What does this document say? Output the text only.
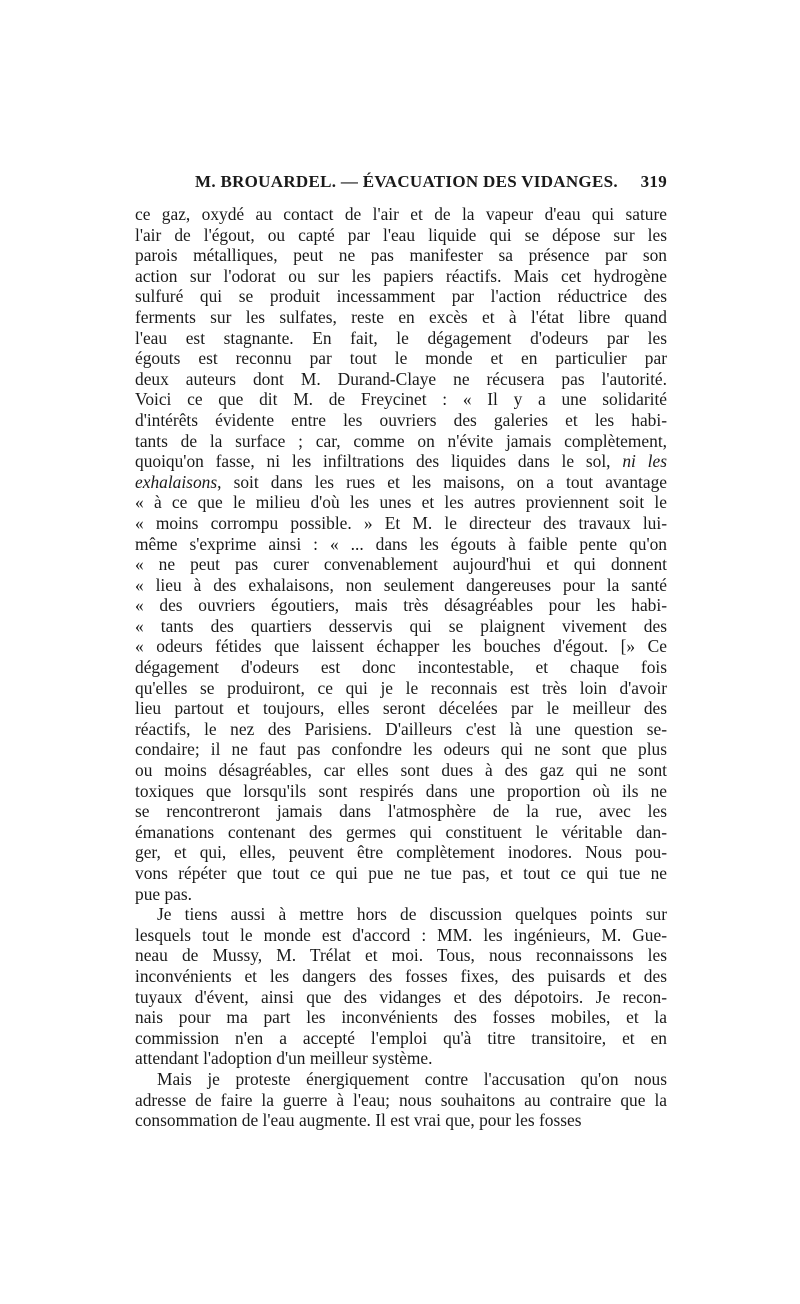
M. BROUARDEL. — ÉVACUATION DES VIDANGES. 319
ce gaz, oxydé au contact de l'air et de la vapeur d'eau qui sature
l'air de l'égout, ou capté par l'eau liquide qui se dépose sur les
parois métalliques, peut ne pas manifester sa présence par son
action sur l'odorat ou sur les papiers réactifs. Mais cet hydrogène
sulfuré qui se produit incessamment par l'action réductrice des
ferments sur les sulfates, reste en excès et à l'état libre quand
l'eau est stagnante. En fait, le dégagement d'odeurs par les
égouts est reconnu par tout le monde et en particulier par
deux auteurs dont M. Durand-Claye ne récusera pas l'autorité.
Voici ce que dit M. de Freycinet : « Il y a une solidarité
d'intérêts évidente entre les ouvriers des galeries et les habi-
tants de la surface ; car, comme on n'évite jamais complètement,
quoiqu'on fasse, ni les infiltrations des liquides dans le sol, ni les
exhalaisons, soit dans les rues et les maisons, on a tout avantage
« à ce que le milieu d'où les unes et les autres proviennent soit le
« moins corrompu possible. » Et M. le directeur des travaux lui-
même s'exprime ainsi : « ... dans les égouts à faible pente qu'on
« ne peut pas curer convenablement aujourd'hui et qui donnent
« lieu à des exhalaisons, non seulement dangereuses pour la santé
« des ouvriers égoutiers, mais très désagréables pour les habi-
« tants des quartiers desservis qui se plaignent vivement des
« odeurs fétides que laissent échapper les bouches d'égout. [» Ce
dégagement d'odeurs est donc incontestable, et chaque fois
qu'elles se produiront, ce qui je le reconnais est très loin d'avoir
lieu partout et toujours, elles seront décelées par le meilleur des
réactifs, le nez des Parisiens. D'ailleurs c'est là une question se-
condaire; il ne faut pas confondre les odeurs qui ne sont que plus
ou moins désagréables, car elles sont dues à des gaz qui ne sont
toxiques que lorsqu'ils sont respirés dans une proportion où ils ne
se rencontreront jamais dans l'atmosphère de la rue, avec les
émanations contenant des germes qui constituent le véritable dan-
ger, et qui, elles, peuvent être complètement inodores. Nous pou-
vons répéter que tout ce qui pue ne tue pas, et tout ce qui tue ne
pue pas.
Je tiens aussi à mettre hors de discussion quelques points sur
lesquels tout le monde est d'accord : MM. les ingénieurs, M. Gue-
neau de Mussy, M. Trélat et moi. Tous, nous reconnaissons les
inconvénients et les dangers des fosses fixes, des puisards et des
tuyaux d'évent, ainsi que des vidanges et des dépotoirs. Je recon-
nais pour ma part les inconvénients des fosses mobiles, et la
commission n'en a accepté l'emploi qu'à titre transitoire, et en
attendant l'adoption d'un meilleur système.
Mais je proteste énergiquement contre l'accusation qu'on nous
adresse de faire la guerre à l'eau; nous souhaitons au contraire que la
consommation de l'eau augmente. Il est vrai que, pour les fosses
